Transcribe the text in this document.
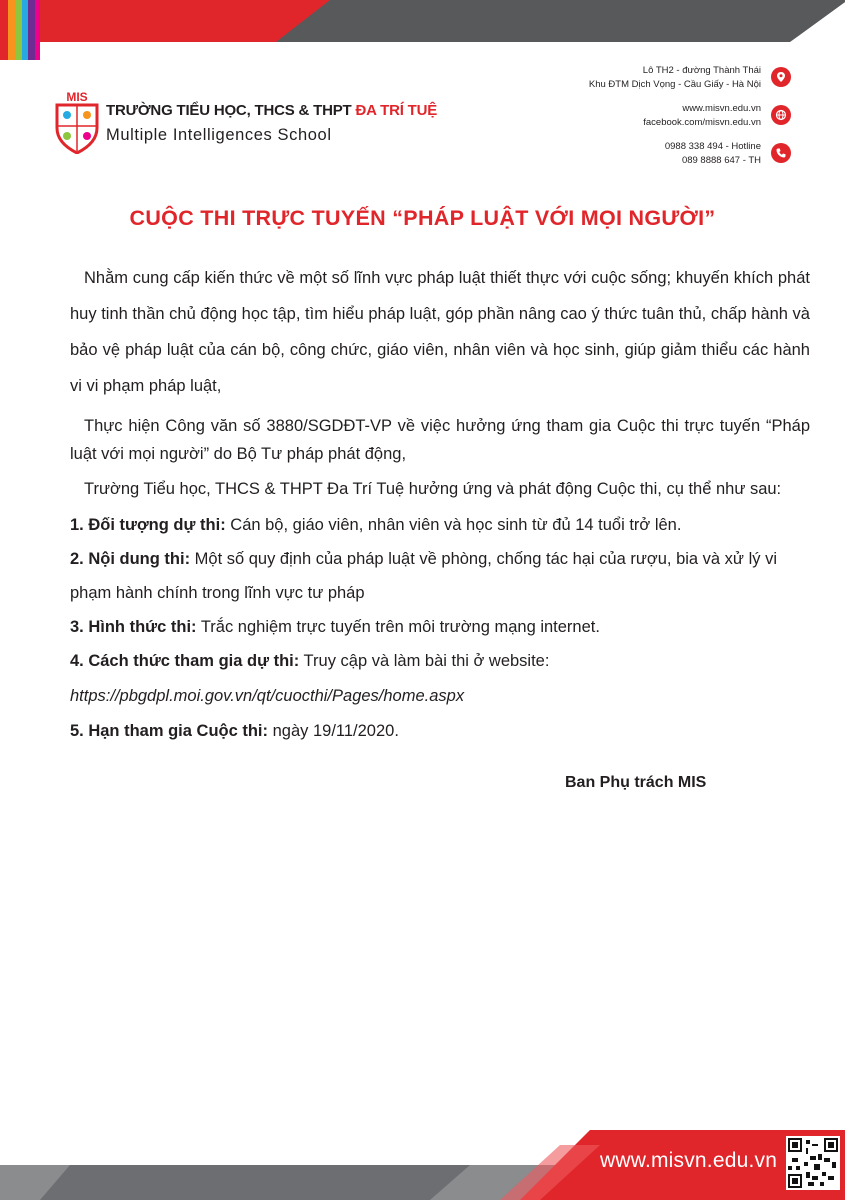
MIS
TRƯỜNG TIỂU HỌC, THCS & THPT ĐA TRÍ TUỆ
Multiple Intelligences School
Lô TH2 - đường Thành Thái
Khu ĐTM Dịch Vọng - Cầu Giấy - Hà Nội
www.misvn.edu.vn
facebook.com/misvn.edu.vn
0988 338 494 - Hotline
089 8888 647 - TH
CUỘC THI TRỰC TUYẾN “PHÁP LUẬT VỚI MỌI NGƯỜI”

Nhằm cung cấp kiến thức về một số lĩnh vực pháp luật thiết thực với cuộc sống; khuyến khích phát huy tinh thần chủ động học tập, tìm hiểu pháp luật, góp phần nâng cao ý thức tuân thủ, chấp hành và bảo vệ pháp luật của cán bộ, công chức, giáo viên, nhân viên và học sinh, giúp giảm thiểu các hành vi vi phạm pháp luật,

Thực hiện Công văn số 3880/SGDĐT-VP về việc hưởng ứng tham gia Cuộc thi trực tuyến “Pháp luật với mọi người” do Bộ Tư pháp phát động,

Trường Tiểu học, THCS & THPT Đa Trí Tuệ hưởng ứng và phát động Cuộc thi, cụ thể như sau:

1. Đối tượng dự thi: Cán bộ, giáo viên, nhân viên và học sinh từ đủ 14 tuổi trở lên.

2. Nội dung thi: Một số quy định của pháp luật về phòng, chống tác hại của rượu, bia và xử lý vi phạm hành chính trong lĩnh vực tư pháp

3. Hình thức thi: Trắc nghiệm trực tuyến trên môi trường mạng internet.

4. Cách thức tham gia dự thi: Truy cập và làm bài thi ở website:

https://pbgdpl.moi.gov.vn/qt/cuocthi/Pages/home.aspx

5. Hạn tham gia Cuộc thi: ngày 19/11/2020.

Ban Phụ trách MIS
www.misvn.edu.vn
